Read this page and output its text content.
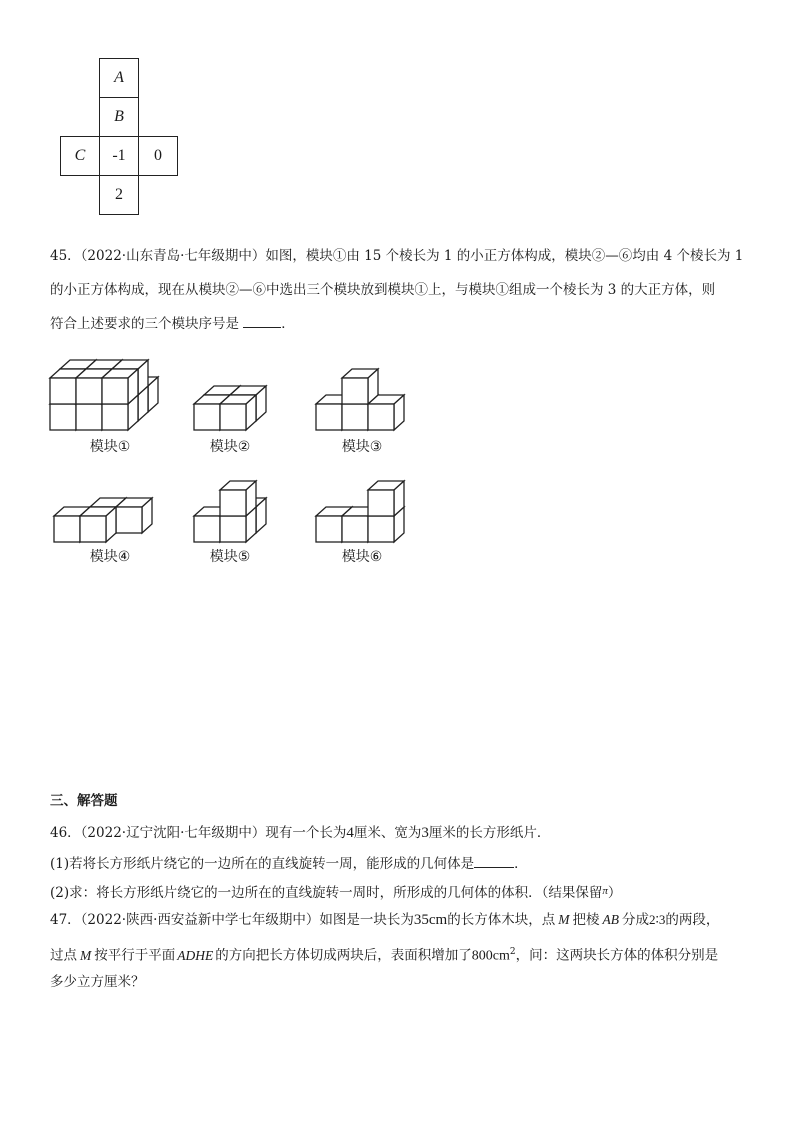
	A	
	B	
C	-1	0
	2	
45．（2022·山东青岛·七年级期中）如图，模块①由 15 个棱长为 1 的小正方体构成，模块②—⑥均由 4 个棱长为 1
的小正方体构成，现在从模块②—⑥中选出三个模块放到模块①上，与模块①组成一个棱长为 3 的大正方体，则
符合上述要求的三个模块序号是	．
模块①	模块②	模块③
模块④	模块⑤	模块⑥
三、解答题
46．（2022·辽宁沈阳·七年级期中）现有一个长为4厘米、宽为3厘米的长方形纸片．
(1)若将长方形纸片绕它的一边所在的直线旋转一周，能形成的几何体是	．
(2)求：将长方形纸片绕它的一边所在的直线旋转一周时，所形成的几何体的体积．（结果保留$^\pi$）
47．（2022·陕西·西安益新中学七年级期中）如图是一块长为35cm的长方体木块，点 M 把棱 AB 分成2∶3的两段，
过点 M 按平行于平面 ADHE 的方向把长方体切成两块后，表面积增加了$800cm^2$，问：这两块长方体的体积分别是
多少立方厘米？
